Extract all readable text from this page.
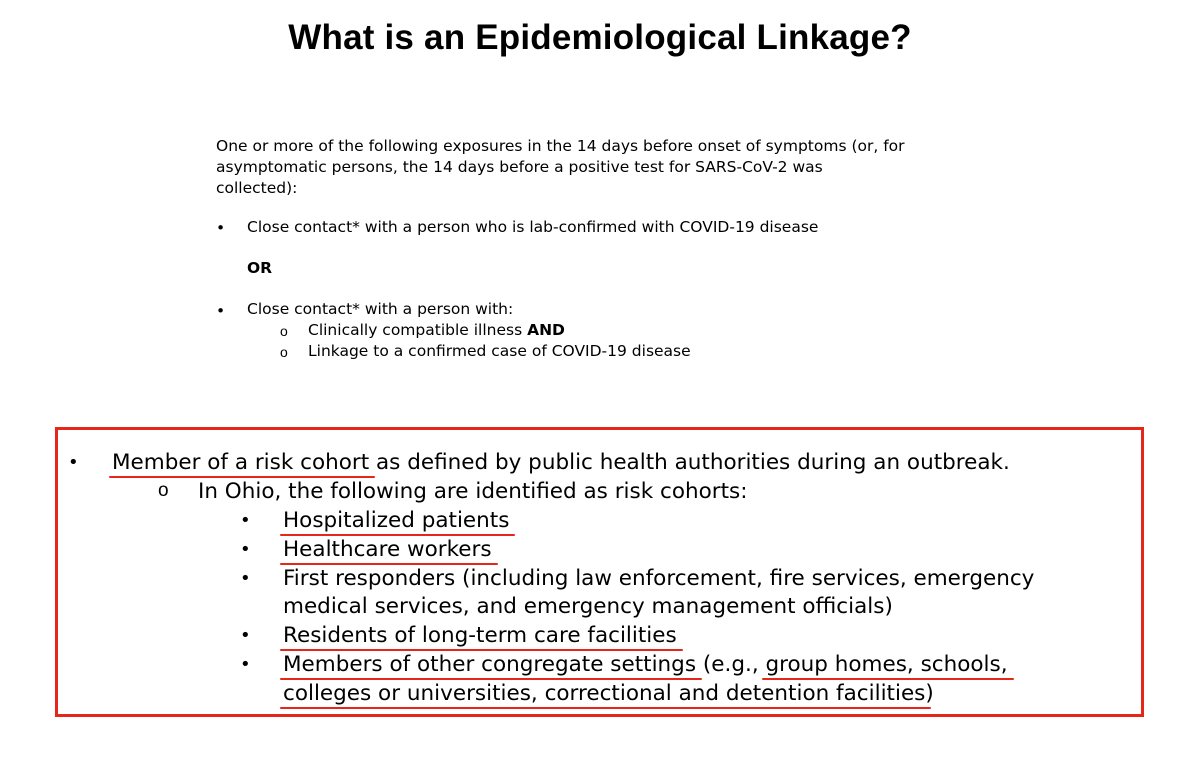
What is an Epidemiological Linkage?

One or more of the following exposures in the 14 days before onset of symptoms (or, for

asymptomatic persons, the 14 days before a positive test for SARS-CoV-2 was

collected):

• Close contact* with a person who is lab-confirmed with COVID-19 disease
OR
• Close contact* with a person with:
o Clinically compatible illness AND
o Linkage to a confirmed case of COVID-19 disease
• Member of a risk cohort as defined by public health authorities during an outbreak.
o In Ohio, the following are identified as risk cohorts:
• Hospitalized patients
• Healthcare workers
• First responders (including law enforcement, fire services, emergency
medical services, and emergency management officials)
• Residents of long-term care facilities
• Members of other congregate settings (e.g., group homes, schools,
colleges or universities, correctional and detention facilities)
